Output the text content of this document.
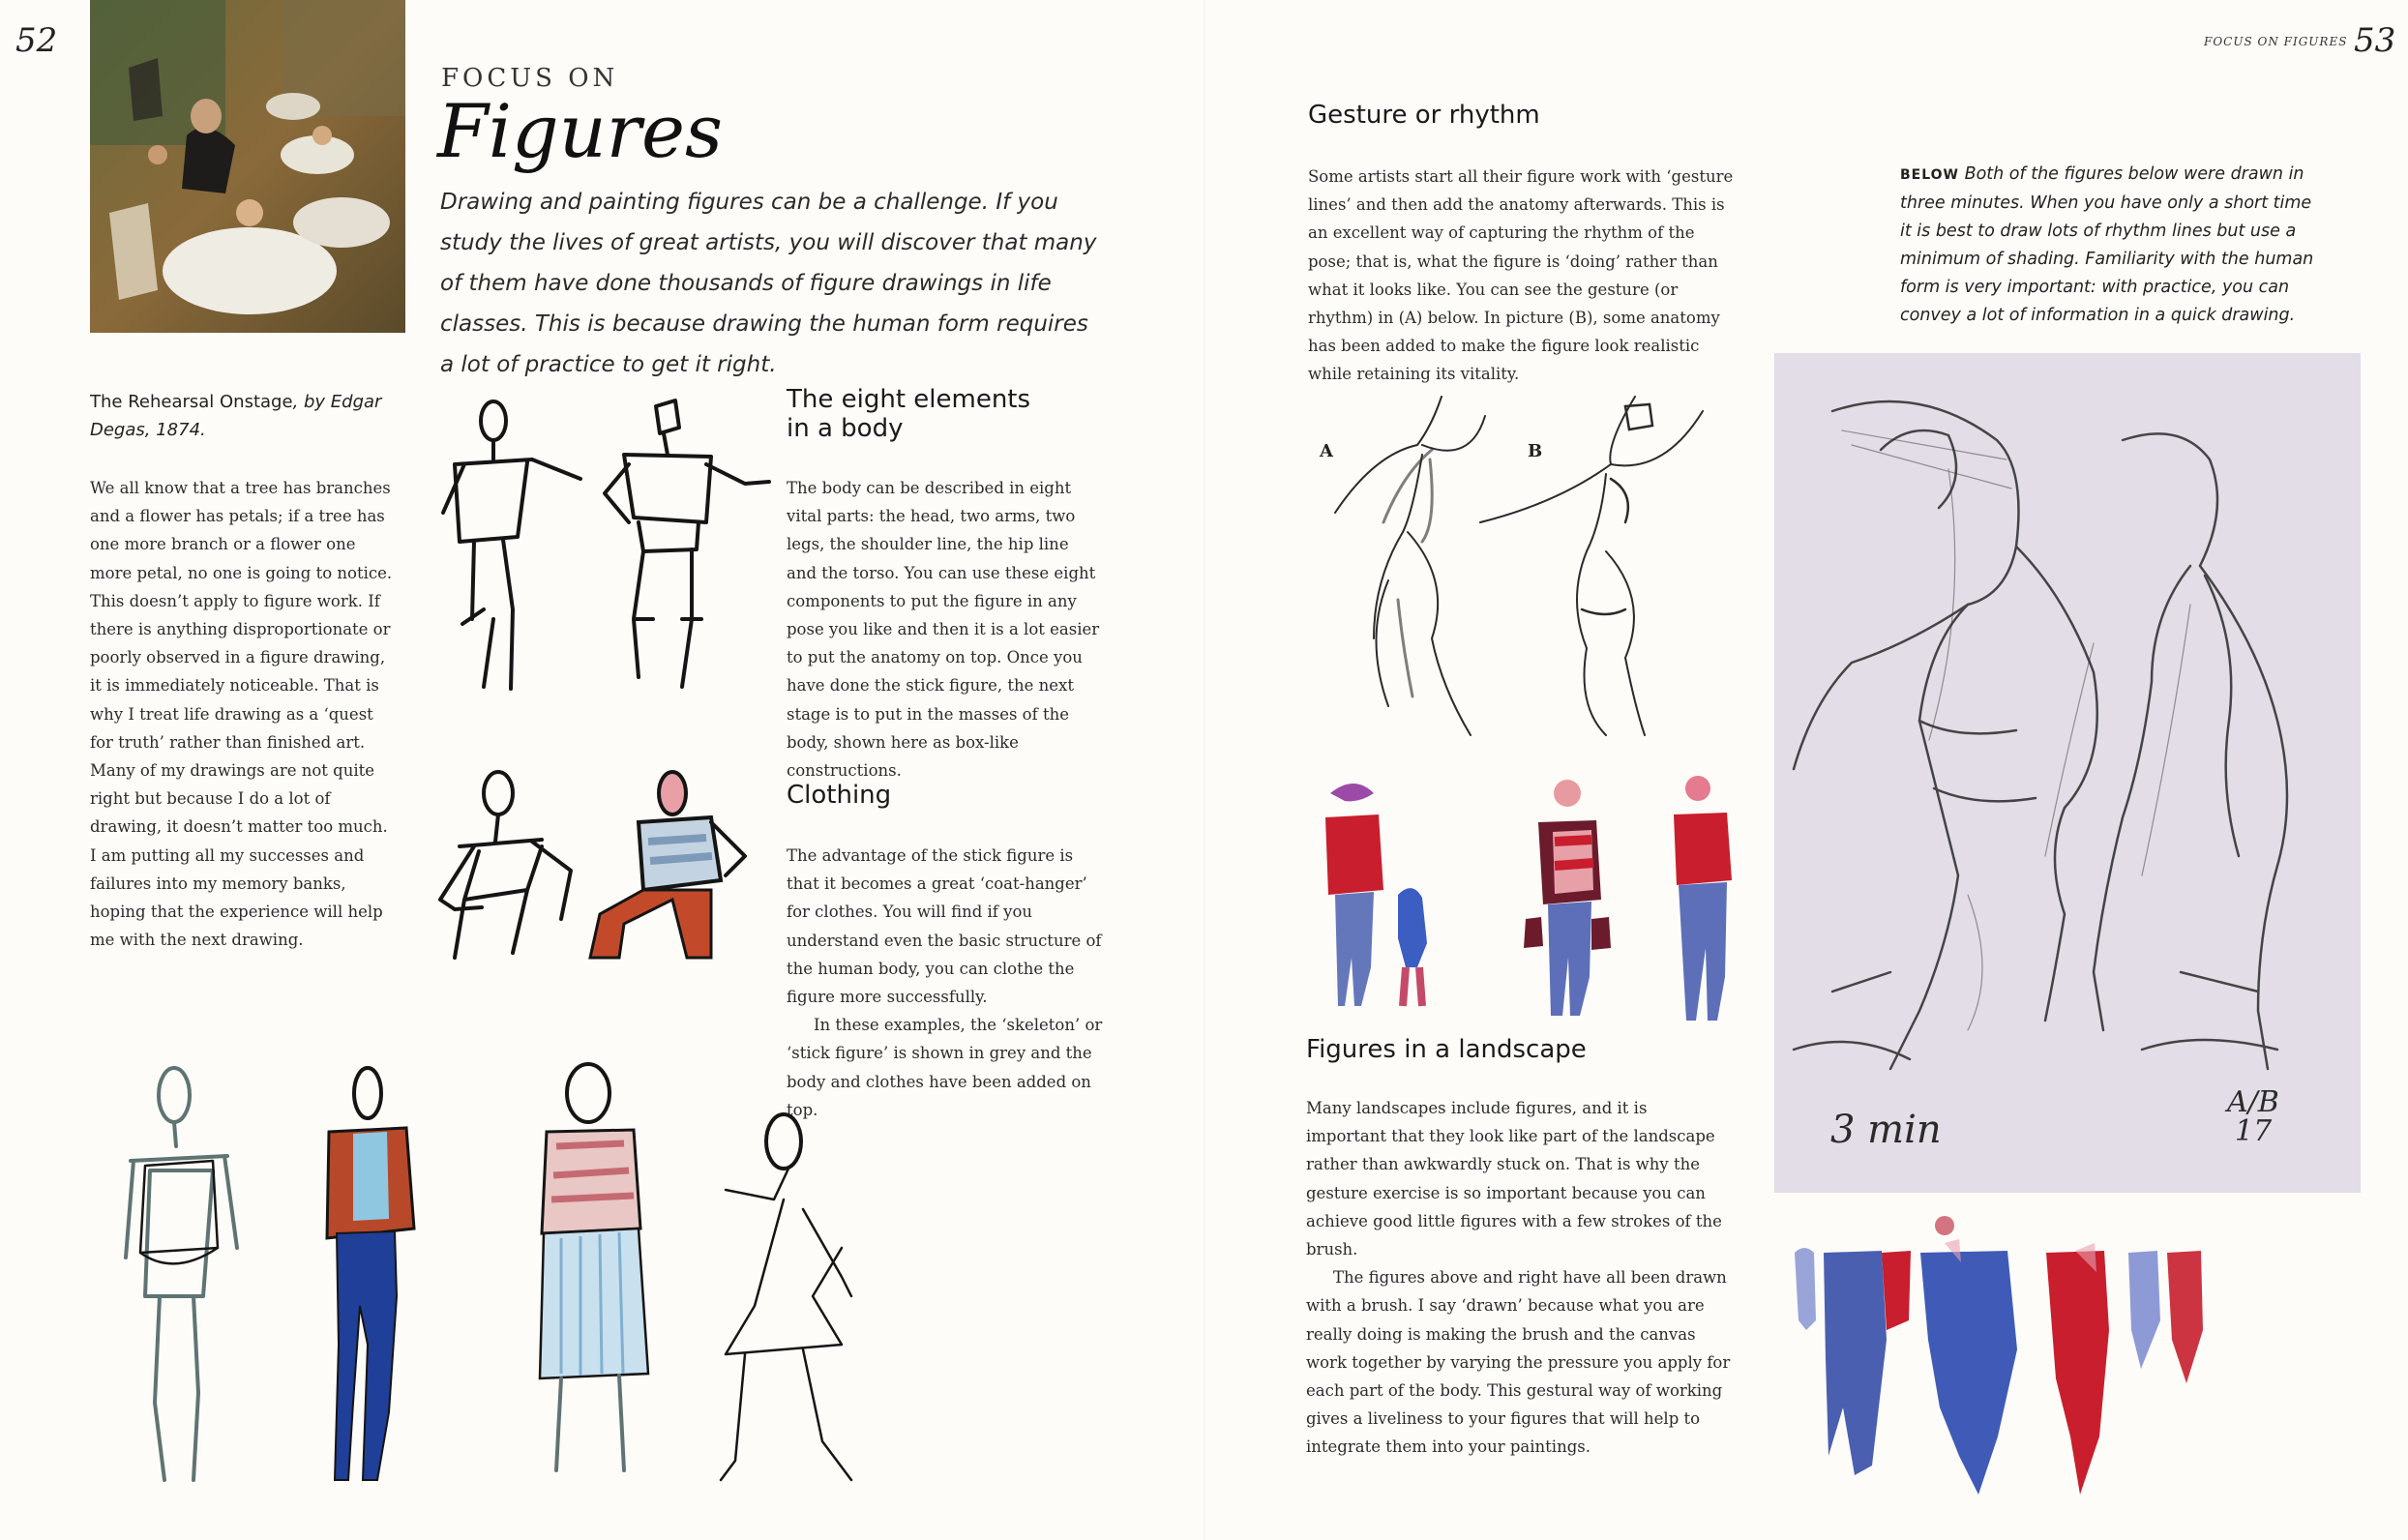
52	53
FOCUS ON FIGURES
FOCUS ON
Figures
Drawing and painting figures can be a challenge. If you study the lives of great artists, you will discover that many of them have done thousands of figure drawings in life classes. This is because drawing the human form requires a lot of practice to get it right.
The Rehearsal Onstage, by Edgar Degas, 1874.
We all know that a tree has branches and a flower has petals; if a tree has one more branch or a flower one more petal, no one is going to notice. This doesn’t apply to figure work. If there is anything disproportionate or poorly observed in a figure drawing, it is immediately noticeable. That is why I treat life drawing as a ‘quest for truth’ rather than finished art. Many of my drawings are not quite right but because I do a lot of drawing, it doesn’t matter too much. I am putting all my successes and failures into my memory banks, hoping that the experience will help me with the next drawing.
The eight elements
in a body
The body can be described in eight vital parts: the head, two arms, two legs, the shoulder line, the hip line and the torso. You can use these eight components to put the figure in any pose you like and then it is a lot easier to put the anatomy on top. Once you have done the stick figure, the next stage is to put in the masses of the body, shown here as box-like constructions.
Clothing

The advantage of the stick figure is that it becomes a great ‘coat-hanger’ for clothes. You will find if you understand even the basic structure of the human body, you can clothe the figure more successfully.

In these examples, the ‘skeleton’ or ‘stick figure’ is shown in grey and the body and clothes have been added on top.

Gesture or rhythm
Some artists start all their figure work with ‘gesture lines’ and then add the anatomy afterwards. This is an excellent way of capturing the rhythm of the pose; that is, what the figure is ‘doing’ rather than what it looks like. You can see the gesture (or rhythm) in (A) below. In picture (B), some anatomy has been added to make the figure look realistic while retaining its vitality.
A	B
Figures in a landscape

Many landscapes include figures, and it is important that they look like part of the landscape rather than awkwardly stuck on. That is why the gesture exercise is so important because you can achieve good little figures with a few strokes of the brush.

The figures above and right have all been drawn with a brush. I say ‘drawn’ because what you are really doing is making the brush and the canvas work together by varying the pressure you apply for each part of the body. This gestural way of working gives a liveliness to your figures that will help to integrate them into your paintings.

BELOW Both of the figures below were drawn in three minutes. When you have only a short time it is best to draw lots of rhythm lines but use a minimum of shading. Familiarity with the human form is very important: with practice, you can convey a lot of information in a quick drawing.
3 min
A/B
17
